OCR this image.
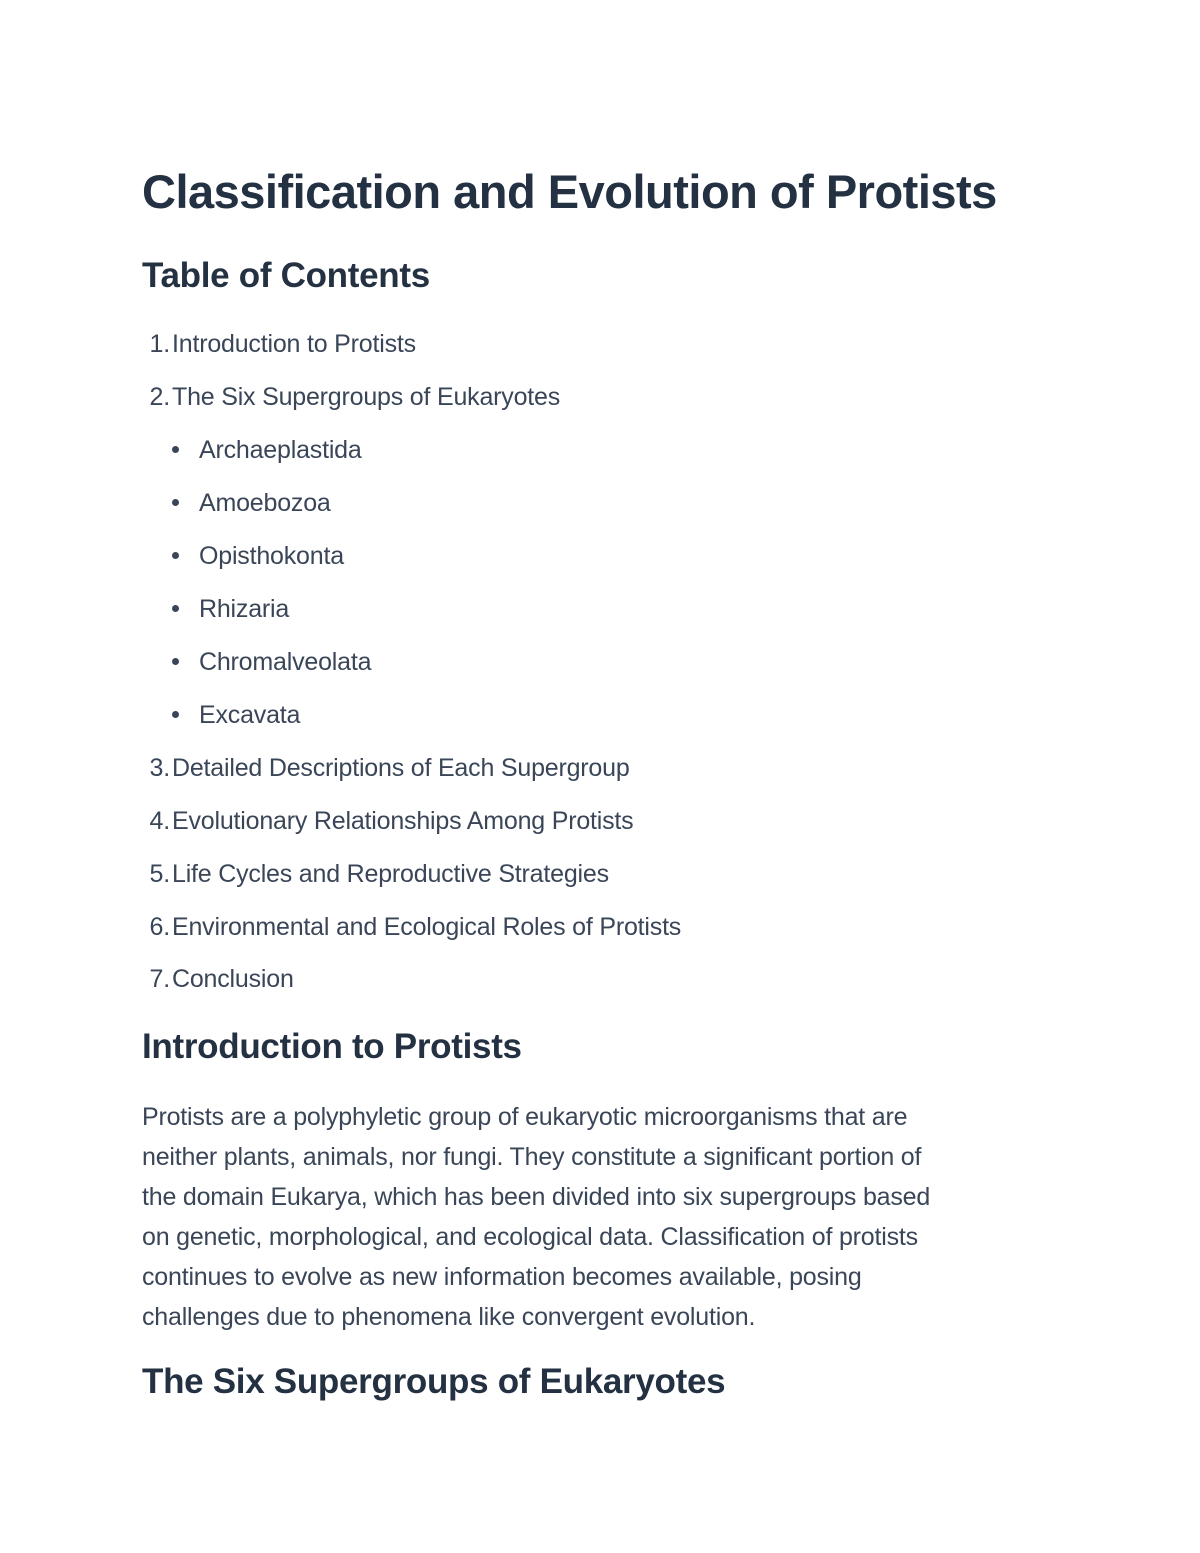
Classification and Evolution of Protists
Table of Contents
1.Introduction to Protists
2.The Six Supergroups of Eukaryotes
Archaeplastida
Amoebozoa
Opisthokonta
Rhizaria
Chromalveolata
Excavata
3.Detailed Descriptions of Each Supergroup
4.Evolutionary Relationships Among Protists
5.Life Cycles and Reproductive Strategies
6.Environmental and Ecological Roles of Protists
7.Conclusion
Introduction to Protists
Protists are a polyphyletic group of eukaryotic microorganisms that are
neither plants, animals, nor fungi. They constitute a significant portion of
the domain Eukarya, which has been divided into six supergroups based
on genetic, morphological, and ecological data. Classification of protists
continues to evolve as new information becomes available, posing
challenges due to phenomena like convergent evolution.
The Six Supergroups of Eukaryotes
